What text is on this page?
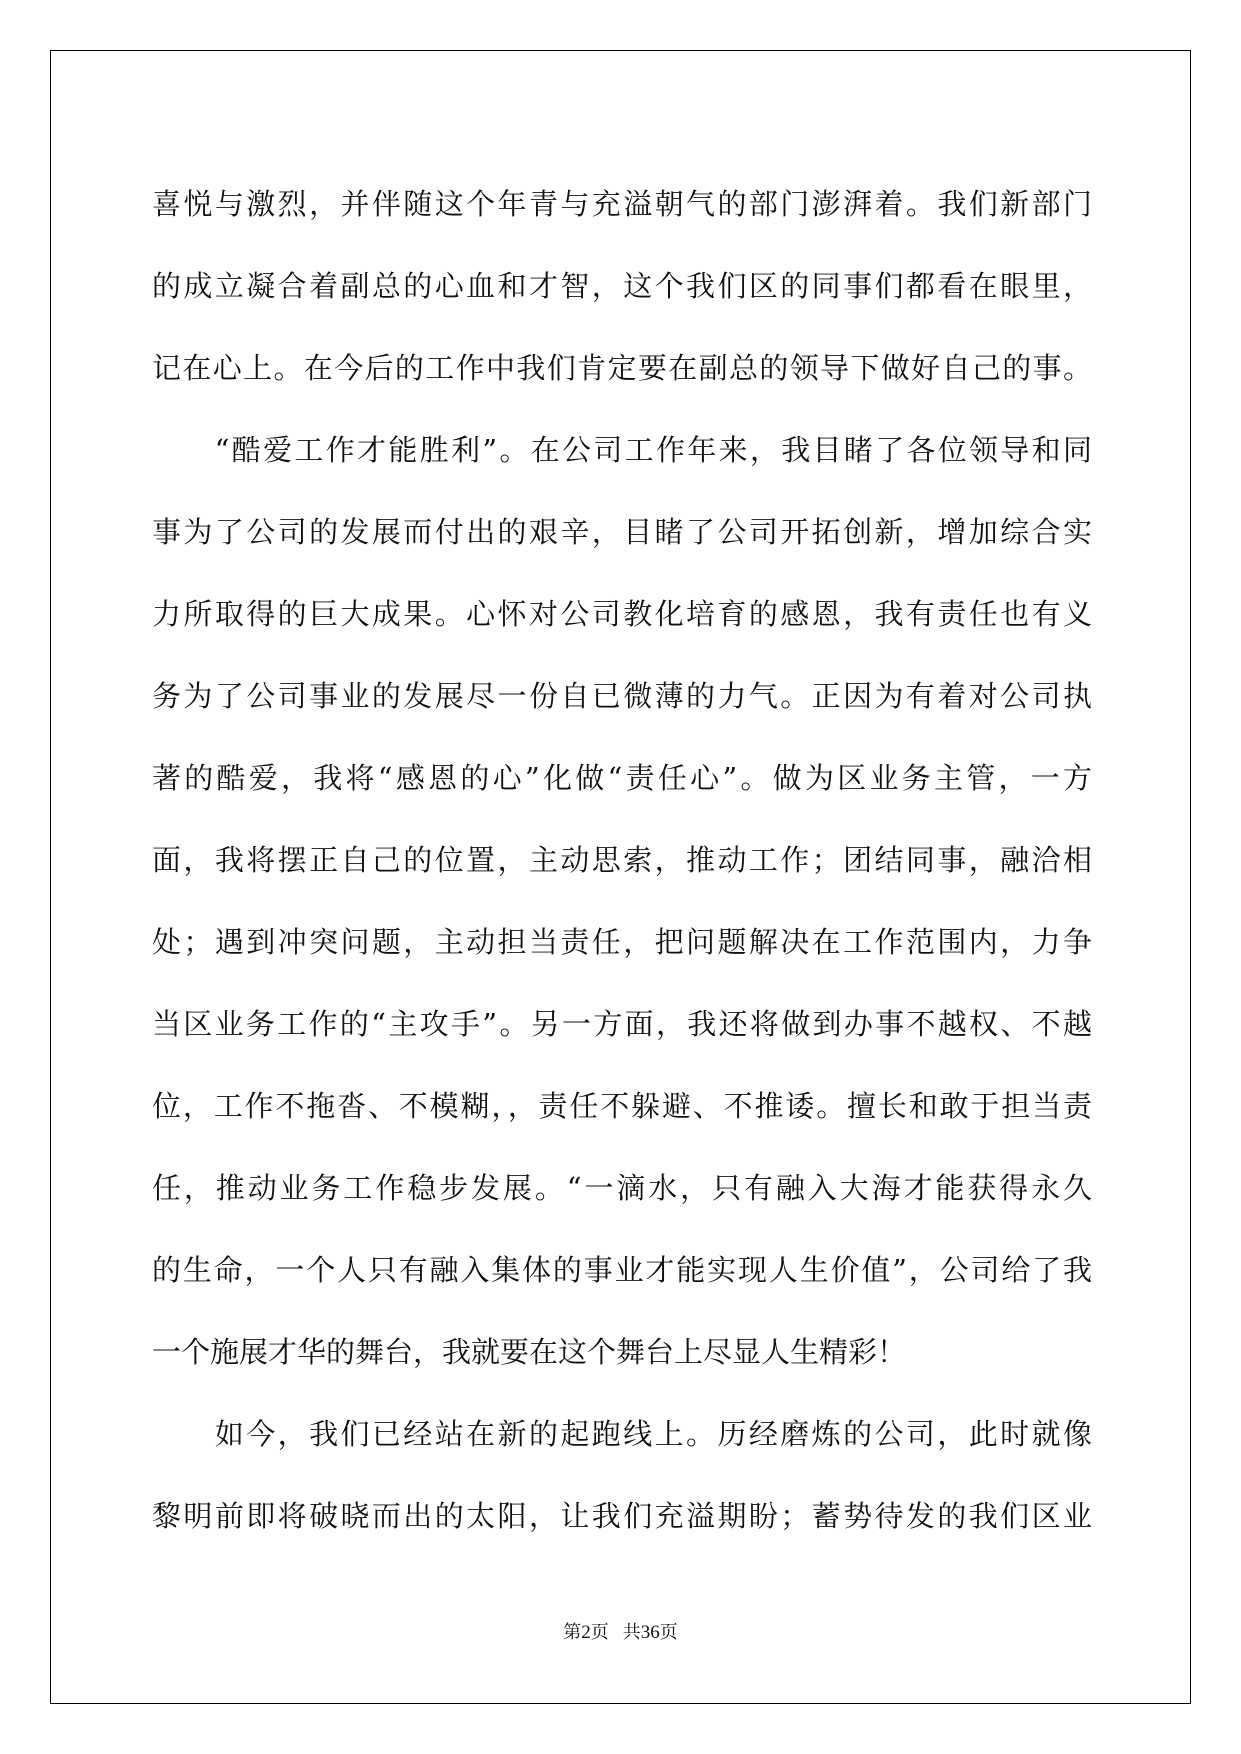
喜悦与激烈，并伴随这个年青与充溢朝气的部门澎湃着。我们新部门
的成立凝合着副总的心血和才智，这个我们区的同事们都看在眼里，
记在心上。在今后的工作中我们肯定要在副总的领导下做好自己的事。
　　“酷爱工作才能胜利”。在公司工作年来，我目睹了各位领导和同
事为了公司的发展而付出的艰辛，目睹了公司开拓创新，增加综合实
力所取得的巨大成果。心怀对公司教化培育的感恩，我有责任也有义
务为了公司事业的发展尽一份自已微薄的力气。正因为有着对公司执
著的酷爱，我将“感恩的心”化做“责任心”。做为区业务主管，一方
面，我将摆正自己的位置，主动思索，推动工作；团结同事，融洽相
处；遇到冲突问题，主动担当责任，把问题解决在工作范围内，力争
当区业务工作的“主攻手”。另一方面，我还将做到办事不越权、不越
位，工作不拖沓、不模糊，，责任不躲避、不推诿。擅长和敢于担当责
任，推动业务工作稳步发展。“一滴水，只有融入大海才能获得永久
的生命，一个人只有融入集体的事业才能实现人生价值”，公司给了我
一个施展才华的舞台，我就要在这个舞台上尽显人生精彩！
　　如今，我们已经站在新的起跑线上。历经磨炼的公司，此时就像
黎明前即将破晓而出的太阳，让我们充溢期盼；蓄势待发的我们区业
第2页 共36页
